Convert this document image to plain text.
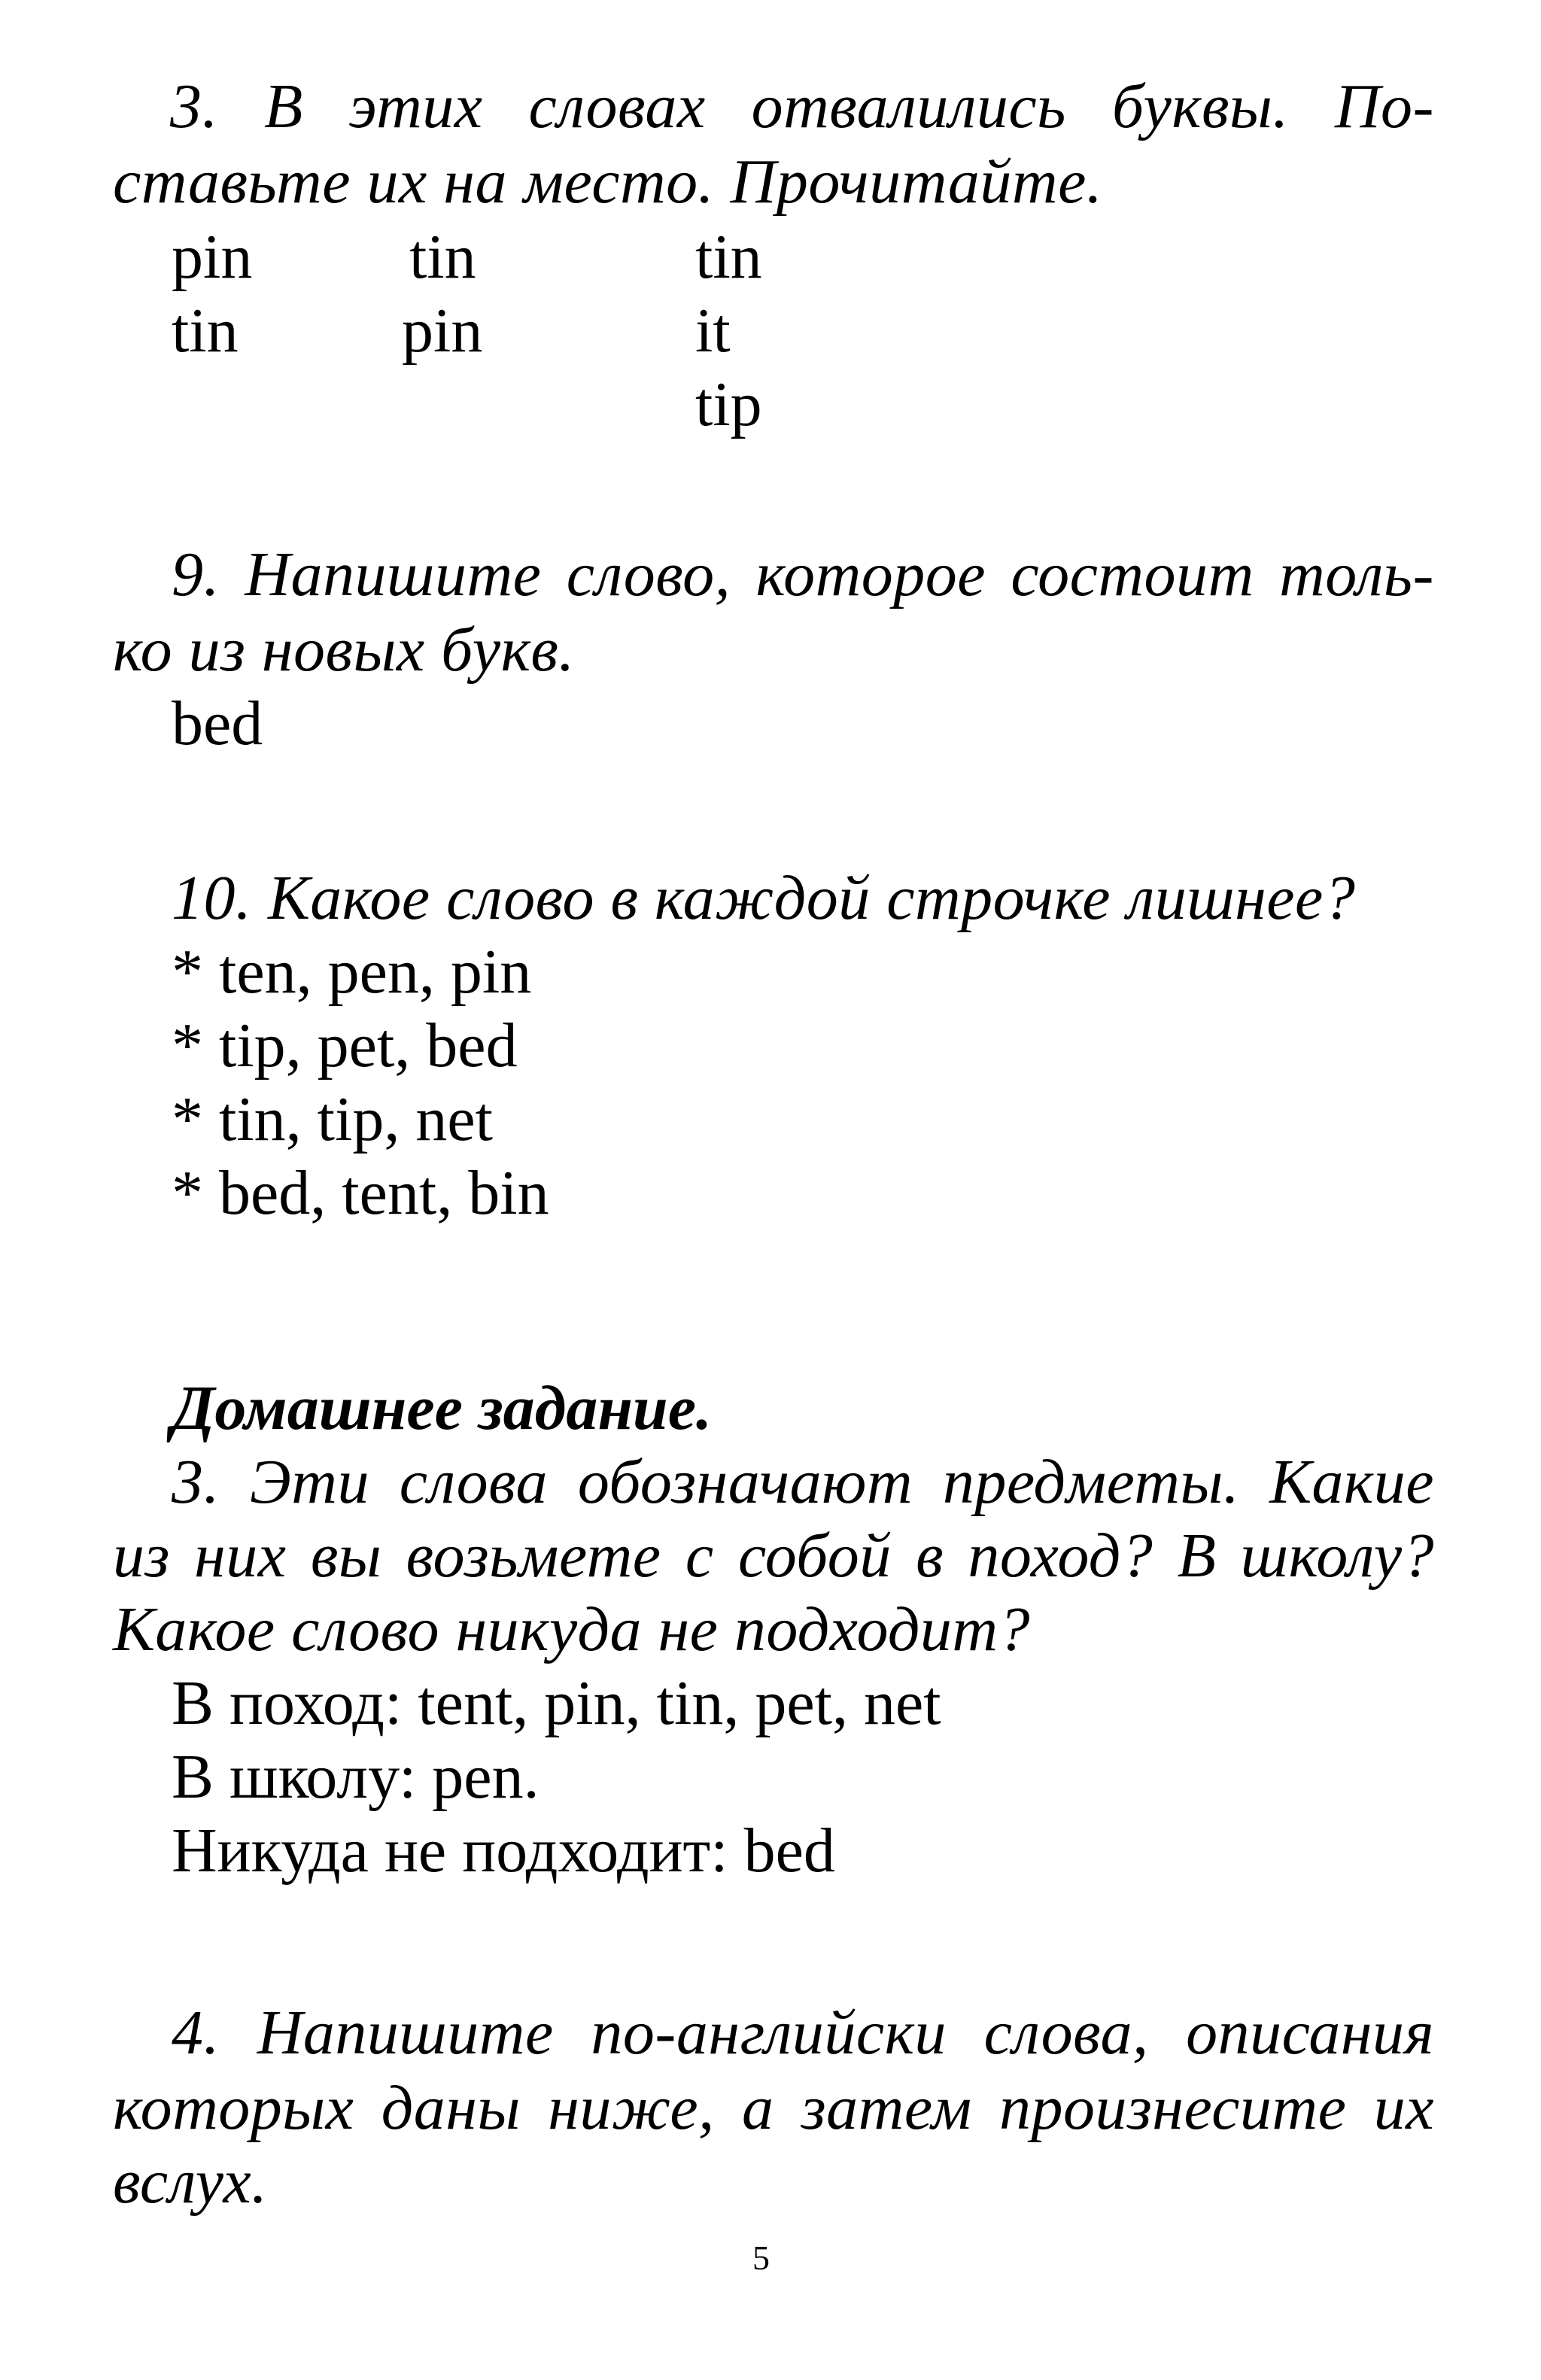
3. В этих словах отвалились буквы. По-
ставьте их на место. Прочитайте.
pin
tin
tin
pin
tin
it
tip
9. Напишите слово, которое состоит толь-
ко из новых букв.
bed
10. Какое слово в каждой строчке лишнее?
* ten, pen, pin
* tip, pet, bed
* tin, tip, net
* bed, tent, bin
Домашнее задание.
3. Эти слова обозначают предметы. Какие
из них вы возьмете с собой в поход? В школу?
Какое слово никуда не подходит?
В поход: tent, pin, tin, pet, net
В школу: pen.
Никуда не подходит: bed
4. Напишите по-английски слова, описания
которых даны ниже, а затем произнесите их
вслух.
5
